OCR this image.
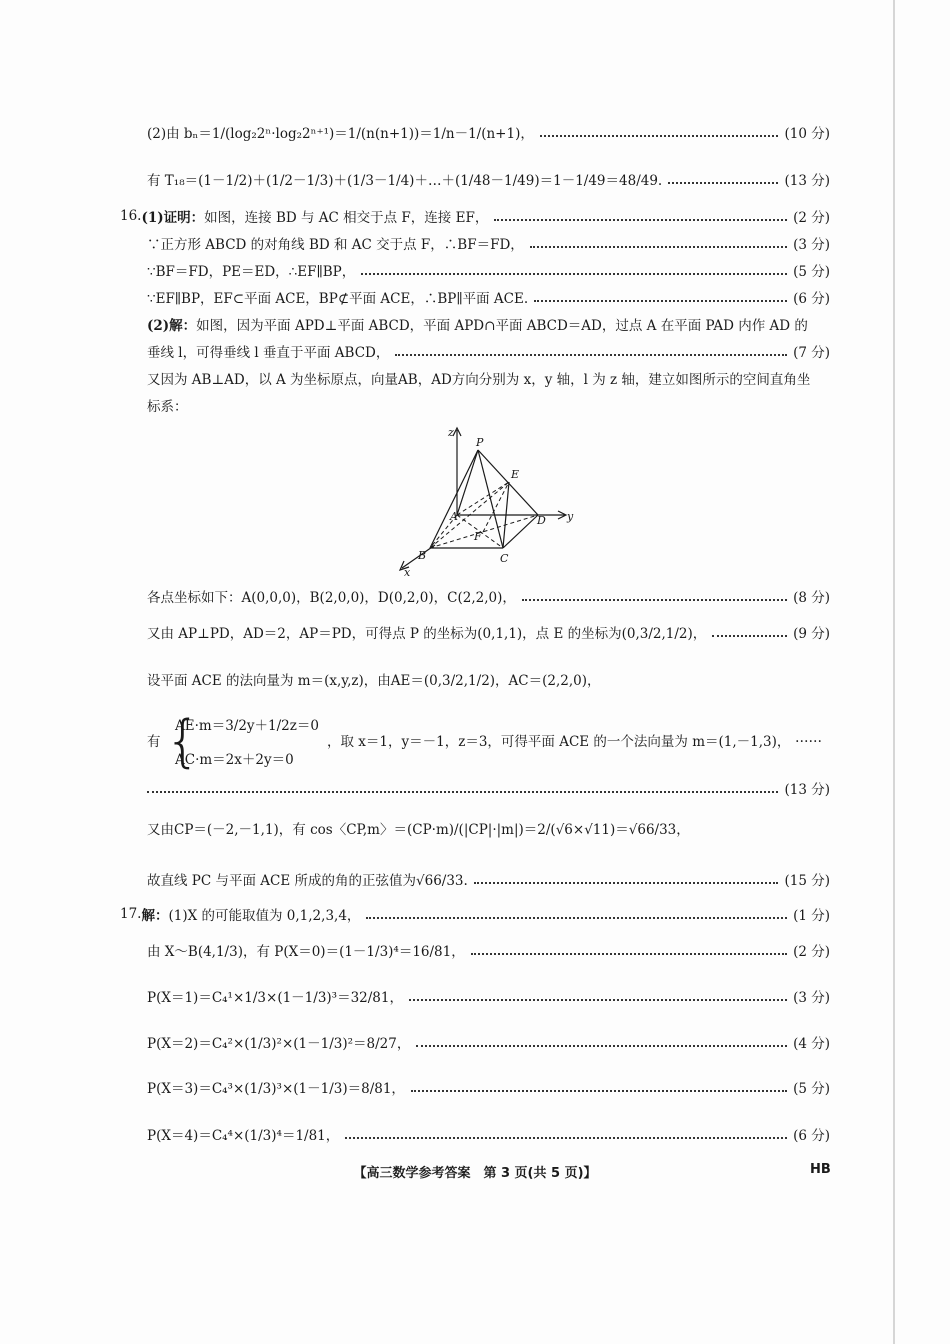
(2)由 bₙ＝1/(log₂2ⁿ·log₂2ⁿ⁺¹)＝1/(n(n+1))＝1/n－1/(n+1)，	(10 分)
有 T₁₈＝(1－1/2)＋(1/2－1/3)＋(1/3－1/4)＋…＋(1/48－1/49)＝1－1/49＝48/49.	(13 分)
16. (1)证明： 如图，连接 BD 与 AC 相交于点 F，连接 EF，	(2 分)
∵正方形 ABCD 的对角线 BD 和 AC 交于点 F，∴BF＝FD，	(3 分)
∵BF＝FD，PE＝ED，∴EF∥BP，	(5 分)
∵EF∥BP，EF⊂平面 ACE，BP⊄平面 ACE，∴BP∥平面 ACE.	(6 分)
(2)解： 如图，因为平面 APD⊥平面 ABCD，平面 APD∩平面 ABCD＝AD，过点 A 在平面 PAD 内作 AD 的
垂线 l，可得垂线 l 垂直于平面 ABCD，	(7 分)
又因为 AB⊥AD，以 A 为坐标原点，向量AB，AD方向分别为 x，y 轴，l 为 z 轴，建立如图所示的空间直角坐
标系：
z
P
E
A	D y
F
B	C
x
各点坐标如下：A(0,0,0)，B(2,0,0)，D(0,2,0)，C(2,2,0)，	(8 分)
又由 AP⊥PD，AD＝2，AP＝PD，可得点 P 的坐标为(0,1,1)，点 E 的坐标为(0,3/2,1/2)，	(9 分)
设平面 ACE 的法向量为 m＝(x,y,z)，由AE＝(0,3/2,1/2)，AC＝(2,2,0)，
有 {
AE·m＝3/2y＋1/2z＝0
AC·m＝2x＋2y＝0
，取 x＝1，y＝－1，z＝3，可得平面 ACE 的一个法向量为 m＝(1,－1,3)， ……
(13 分)
又由CP＝(－2,－1,1)，有 cos〈CP,m〉＝(CP·m)/(|CP|·|m|)＝2/(√6×√11)＝√66/33，
故直线 PC 与平面 ACE 所成的角的正弦值为√66/33.	(15 分)
17. 解： (1)X 的可能取值为 0,1,2,3,4，	(1 分)
由 X～B(4,1/3)，有 P(X＝0)＝(1－1/3)⁴＝16/81，	(2 分)
P(X＝1)＝C₄¹×1/3×(1－1/3)³＝32/81，	(3 分)
P(X＝2)＝C₄²×(1/3)²×(1－1/3)²＝8/27，	(4 分)
P(X＝3)＝C₄³×(1/3)³×(1－1/3)＝8/81，	(5 分)
P(X＝4)＝C₄⁴×(1/3)⁴＝1/81，	(6 分)
【高三数学参考答案　第 3 页(共 5 页)】	HB
